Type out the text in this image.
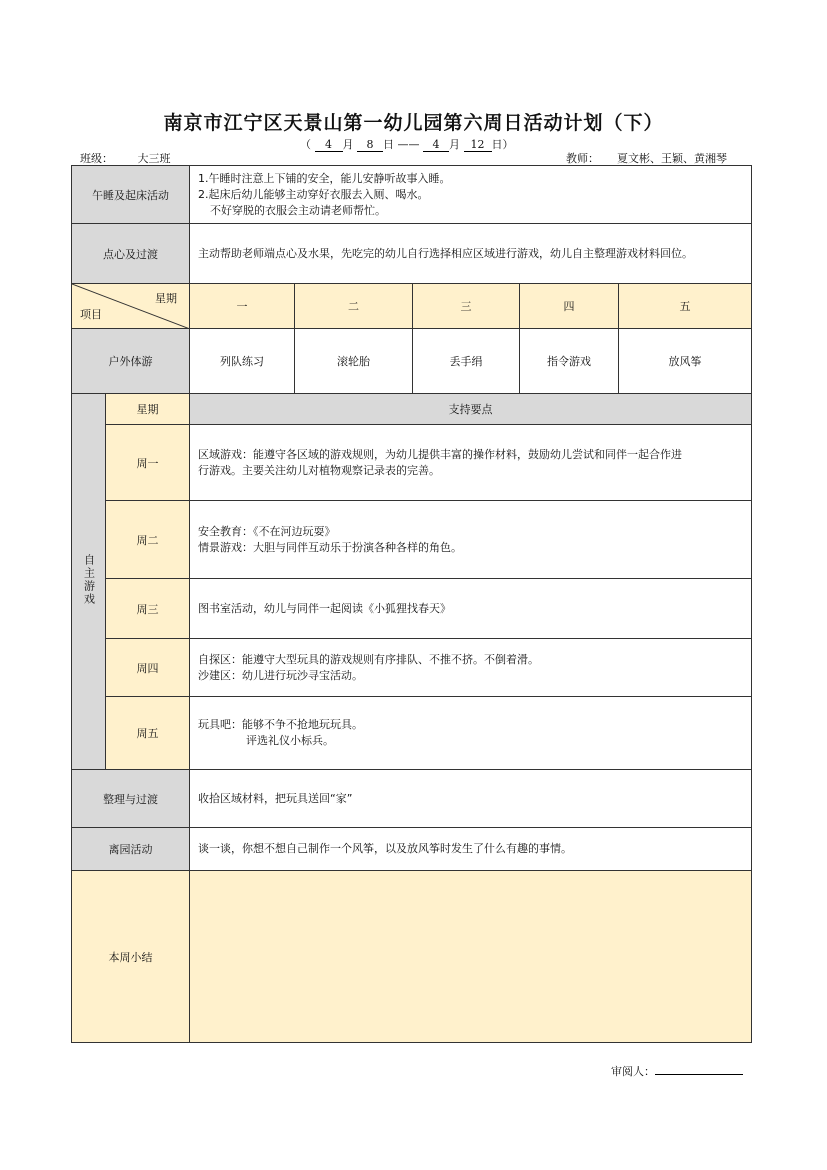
南京市江宁区天景山第一幼儿园第六周日活动计划（下）
（ 4 月 8 日 —— 4 月 12 日）
班级： 大三班	教师： 夏文彬、王颖、黄湘琴
午睡及起床活动		1.午睡时注意上下铺的安全，能儿安静听故事入睡。
2.起床后幼儿能够主动穿好衣服去入厕、喝水。
不好穿脱的衣服会主动请老师帮忙。				

点心及过渡		主动帮助老师端点心及水果，先吃完的幼儿自行选择相应区域进行游戏，幼儿自主整理游戏材料回位。				

星期
项目		一	二	三	四	五
户外体游		列队练习	滚轮胎	丢手绢	指令游戏	放风筝
自主游戏	星期	支持要点				
	周一	区域游戏：能遵守各区域的游戏规则，为幼儿提供丰富的操作材料，鼓励幼儿尝试和同伴一起合作进
行游戏。主要关注幼儿对植物观察记录表的完善。				

	周二	安全教育：《不在河边玩耍》
情景游戏：大胆与同伴互动乐于扮演各种各样的角色。				

	周三	图书室活动，幼儿与同伴一起阅读《小狐狸找春天》				

	周四	自探区：能遵守大型玩具的游戏规则有序排队、不推不挤。不倒着滑。
沙建区：幼儿进行玩沙寻宝活动。				

	周五	玩具吧：能够不争不抢地玩玩具。
评选礼仪小标兵。				

整理与过渡		收拾区域材料，把玩具送回“家”				
离园活动		谈一谈，你想不想自己制作一个风筝，以及放风筝时发生了什么有趣的事情。				
本周小结						
审阅人：
